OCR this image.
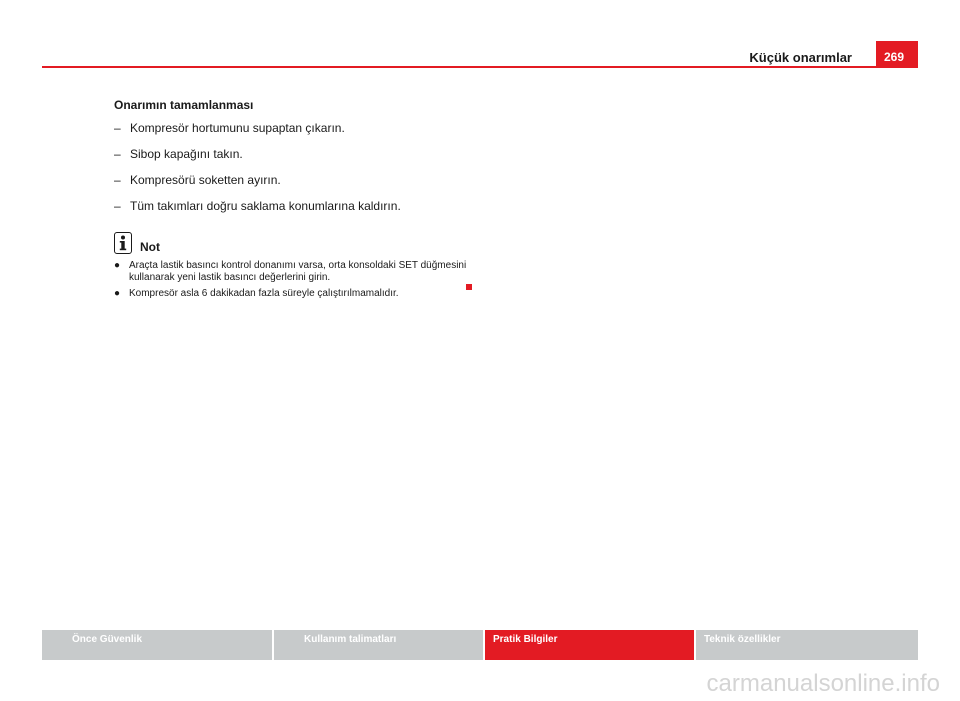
Küçük onarımlar	269
Onarımın tamamlanması
– Kompresör hortumunu supaptan çıkarın.
– Sibop kapağını takın.
– Kompresörü soketten ayırın.
– Tüm takımları doğru saklama konumlarına kaldırın.
Not
● Araçta lastik basıncı kontrol donanımı varsa, orta konsoldaki SET düğmesini kullanarak yeni lastik basıncı değerlerini girin.
● Kompresör asla 6 dakikadan fazla süreyle çalıştırılmamalıdır.
Önce Güvenlik	Kullanım talimatları	Pratik Bilgiler	Teknik özellikler
carmanualsonline.info
